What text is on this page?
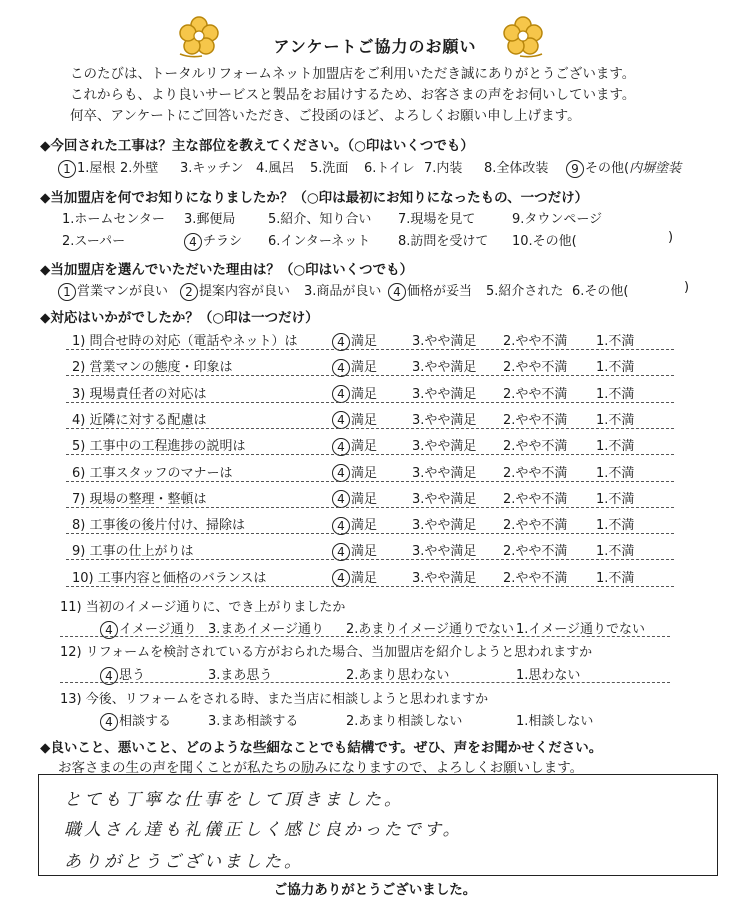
アンケートご協力のお願い
このたびは、トータルリフォームネット加盟店をご利用いただき誠にありがとうございます。
これからも、より良いサービスと製品をお届けするため、お客さまの声をお伺いしています。
何卒、アンケートにご回答いただき、ご投函のほど、よろしくお願い申し上げます。
◆今回された工事は？主な部位を教えてください。（○印はいくつでも）
1 1.屋根 2.外壁 3.キッチン 4.風呂 5.洗面 6.トイレ 7.内装 8.全体改装	9 その他(内塀塗装
◆当加盟店を何でお知りになりましたか？（○印は最初にお知りになったもの、一つだけ）
1.ホームセンター 3.郵便局	5.紹介、知り合い 7.現場を見て	9.タウンページ
2.スーパー	4 チラシ 6.インターネット 8.訪問を受けて 10.その他(	)
◆当加盟店を選んでいただいた理由は？（○印はいくつでも）
1 営業マンが良い	2 提案内容が良い 3.商品が良い 4 価格が妥当 5.紹介された 6.その他(	)
◆対応はいかがでしたか？（○印は一つだけ）
1) 問合せ時の対応（電話やネット）は	4 満足	3.やや満足 2.やや不満 1.不満
2) 営業マンの態度・印象は	4 満足	3.やや満足 2.やや不満 1.不満
3) 現場責任者の対応は	4 満足	3.やや満足 2.やや不満 1.不満
4) 近隣に対する配慮は	4 満足	3.やや満足 2.やや不満 1.不満
5) 工事中の工程進捗の説明は	4 満足	3.やや満足 2.やや不満 1.不満
6) 工事スタッフのマナーは	4 満足	3.やや満足 2.やや不満 1.不満
7) 現場の整理・整頓は	4 満足	3.やや満足 2.やや不満 1.不満
8) 工事後の後片付け、掃除は	4 満足	3.やや満足 2.やや不満 1.不満
9) 工事の仕上がりは	4 満足	3.やや満足 2.やや不満 1.不満
10) 工事内容と価格のバランスは	4 満足	3.やや満足 2.やや不満 1.不満
11) 当初のイメージ通りに、でき上がりましたか
4 イメージ通り 3.まあイメージ通り 2.あまりイメージ通りでない 1.イメージ通りでない
12) リフォームを検討されている方がおられた場合、当加盟店を紹介しようと思われますか
4 思う	3.まあ思う	2.あまり思わない	1.思わない
13) 今後、リフォームをされる時、また当店に相談しようと思われますか
4 相談する	3.まあ相談する	2.あまり相談しない	1.相談しない
◆良いこと、悪いこと、どのような些細なことでも結構です。ぜひ、声をお聞かせください。
お客さまの生の声を聞くことが私たちの励みになりますので、よろしくお願いします。
とても丁寧な仕事をして頂きました。
職人さん達も礼儀正しく感じ良かったです。
ありがとうございました。
ご協力ありがとうございました。
